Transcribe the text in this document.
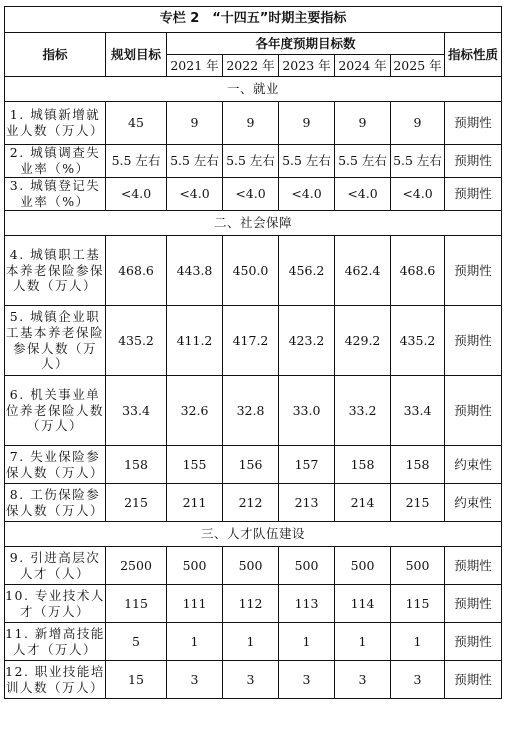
专栏 2　“十四五”时期主要指标							
指标	规划目标	各年度预期目标数					指标性质
		2021 年	2022 年	2023 年	2024 年	2025 年	
一、就业							
1. 城镇新增就业人数（万人）	45	9	9	9	9	9	预期性
2. 城镇调查失业率（%）	5.5 左右	5.5 左右	5.5 左右	5.5 左右	5.5 左右	5.5 左右	预期性
3. 城镇登记失业率（%）	<4.0	<4.0	<4.0	<4.0	<4.0	<4.0	预期性
二、社会保障							
4. 城镇职工基本养老保险参保人数（万人）	468.6	443.8	450.0	456.2	462.4	468.6	预期性
5. 城镇企业职工基本养老保险参保人数（万人）	435.2	411.2	417.2	423.2	429.2	435.2	预期性
6. 机关事业单位养老保险人数（万人）	33.4	32.6	32.8	33.0	33.2	33.4	预期性
7. 失业保险参保人数（万人）	158	155	156	157	158	158	约束性
8. 工伤保险参保人数（万人）	215	211	212	213	214	215	约束性
三、人才队伍建设							
9. 引进高层次人才（人）	2500	500	500	500	500	500	预期性
10. 专业技术人才（万人）	115	111	112	113	114	115	预期性
11. 新增高技能人才（万人）	5	1	1	1	1	1	预期性
12. 职业技能培训人数（万人）	15	3	3	3	3	3	预期性
